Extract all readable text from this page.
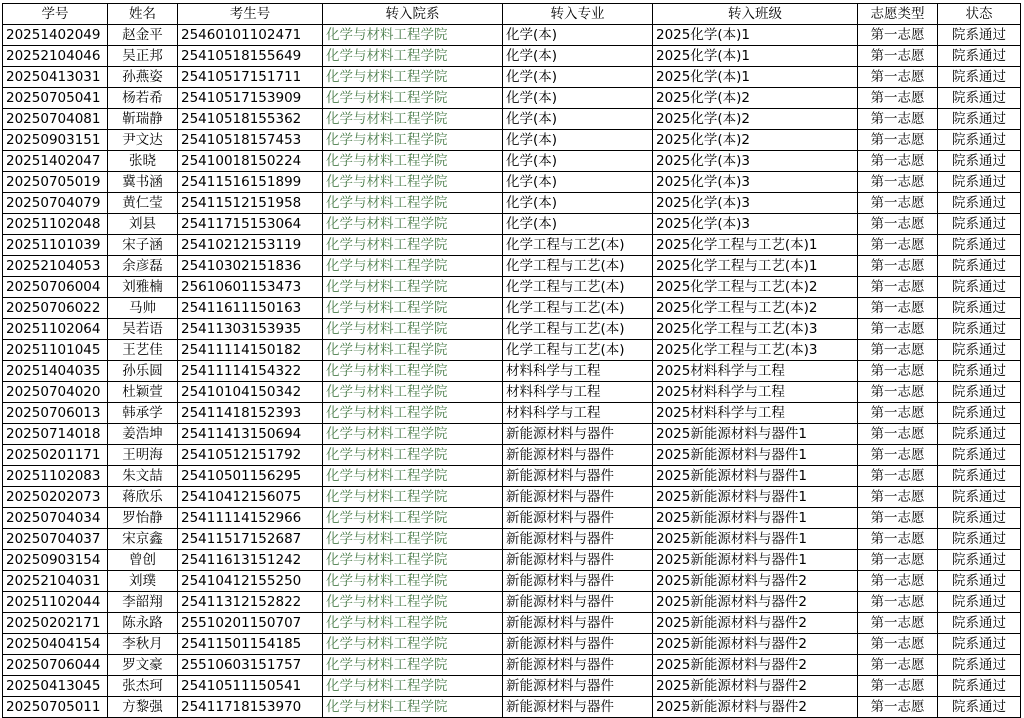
学号	姓名	考生号	转入院系	转入专业	转入班级	志愿类型	状态
20251402049	赵金平	25460101102471	化学与材料工程学院	化学(本)	2025化学(本)1	第一志愿	院系通过
20252104046	吴正邦	25410518155649	化学与材料工程学院	化学(本)	2025化学(本)1	第一志愿	院系通过
20250413031	孙燕姿	25410517151711	化学与材料工程学院	化学(本)	2025化学(本)1	第一志愿	院系通过
20250705041	杨若希	25410517153909	化学与材料工程学院	化学(本)	2025化学(本)2	第一志愿	院系通过
20250704081	靳瑞静	25410518155362	化学与材料工程学院	化学(本)	2025化学(本)2	第一志愿	院系通过
20250903151	尹文达	25410518157453	化学与材料工程学院	化学(本)	2025化学(本)2	第一志愿	院系通过
20251402047	张晓	25410018150224	化学与材料工程学院	化学(本)	2025化学(本)3	第一志愿	院系通过
20250705019	冀书涵	25411516151899	化学与材料工程学院	化学(本)	2025化学(本)3	第一志愿	院系通过
20250704079	黄仁莹	25411512151958	化学与材料工程学院	化学(本)	2025化学(本)3	第一志愿	院系通过
20251102048	刘县	25411715153064	化学与材料工程学院	化学(本)	2025化学(本)3	第一志愿	院系通过
20251101039	宋子涵	25410212153119	化学与材料工程学院	化学工程与工艺(本)	2025化学工程与工艺(本)1	第一志愿	院系通过
20252104053	余彦磊	25410302151836	化学与材料工程学院	化学工程与工艺(本)	2025化学工程与工艺(本)1	第一志愿	院系通过
20250706004	刘雅楠	25610601153473	化学与材料工程学院	化学工程与工艺(本)	2025化学工程与工艺(本)2	第一志愿	院系通过
20250706022	马帅	25411611150163	化学与材料工程学院	化学工程与工艺(本)	2025化学工程与工艺(本)2	第一志愿	院系通过
20251102064	吴若语	25411303153935	化学与材料工程学院	化学工程与工艺(本)	2025化学工程与工艺(本)3	第一志愿	院系通过
20251101045	王艺佳	25411114150182	化学与材料工程学院	化学工程与工艺(本)	2025化学工程与工艺(本)3	第一志愿	院系通过
20251404035	孙乐圆	25411114154322	化学与材料工程学院	材料科学与工程	2025材料科学与工程	第一志愿	院系通过
20250704020	杜颖萱	25410104150342	化学与材料工程学院	材料科学与工程	2025材料科学与工程	第一志愿	院系通过
20250706013	韩承学	25411418152393	化学与材料工程学院	材料科学与工程	2025材料科学与工程	第一志愿	院系通过
20250714018	姜浩坤	25411413150694	化学与材料工程学院	新能源材料与器件	2025新能源材料与器件1	第一志愿	院系通过
20250201171	王明海	25410512151792	化学与材料工程学院	新能源材料与器件	2025新能源材料与器件1	第一志愿	院系通过
20251102083	朱文喆	25410501156295	化学与材料工程学院	新能源材料与器件	2025新能源材料与器件1	第一志愿	院系通过
20250202073	蒋欣乐	25410412156075	化学与材料工程学院	新能源材料与器件	2025新能源材料与器件1	第一志愿	院系通过
20250704034	罗怡静	25411114152966	化学与材料工程学院	新能源材料与器件	2025新能源材料与器件1	第一志愿	院系通过
20250704037	宋京鑫	25411517152687	化学与材料工程学院	新能源材料与器件	2025新能源材料与器件1	第一志愿	院系通过
20250903154	曾创	25411613151242	化学与材料工程学院	新能源材料与器件	2025新能源材料与器件1	第一志愿	院系通过
20252104031	刘璞	25410412155250	化学与材料工程学院	新能源材料与器件	2025新能源材料与器件2	第一志愿	院系通过
20251102044	李韶翔	25411312152822	化学与材料工程学院	新能源材料与器件	2025新能源材料与器件2	第一志愿	院系通过
20250202171	陈永路	25510201150707	化学与材料工程学院	新能源材料与器件	2025新能源材料与器件2	第一志愿	院系通过
20250404154	李秋月	25411501154185	化学与材料工程学院	新能源材料与器件	2025新能源材料与器件2	第一志愿	院系通过
20250706044	罗文豪	25510603151757	化学与材料工程学院	新能源材料与器件	2025新能源材料与器件2	第一志愿	院系通过
20250413045	张杰珂	25410511150541	化学与材料工程学院	新能源材料与器件	2025新能源材料与器件2	第一志愿	院系通过
20250705011	方黎强	25411718153970	化学与材料工程学院	新能源材料与器件	2025新能源材料与器件2	第一志愿	院系通过
